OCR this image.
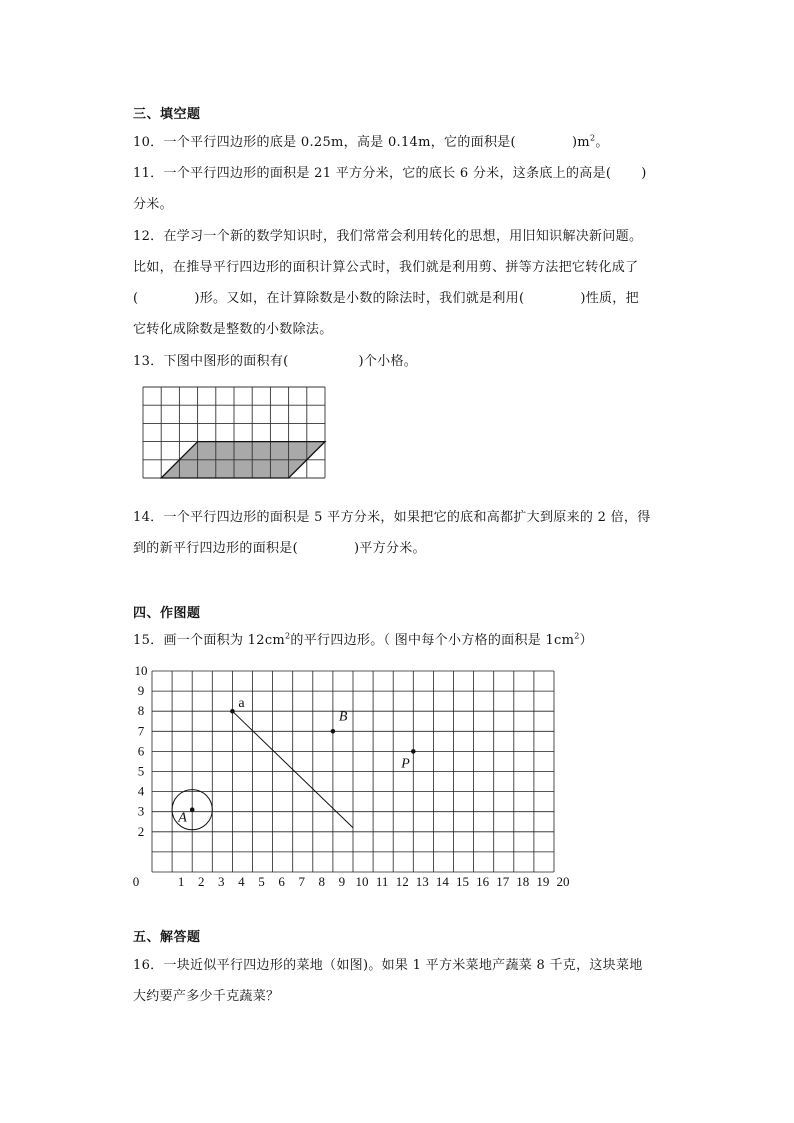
三、填空题
10．一个平行四边形的底是 0.25m，高是 0.14m，它的面积是(	)$m^2$。
11．一个平行四边形的面积是 21 平方分米，它的底长 6 分米，这条底上的高是( )
分米。
12．在学习一个新的数学知识时，我们常常会利用转化的思想，用旧知识解决新问题。
比如，在推导平行四边形的面积计算公式时，我们就是利用剪、拼等方法把它转化成了
(	)形。又如，在计算除数是小数的除法时，我们就是利用(	)性质，把
它转化成除数是整数的小数除法。
13．下图中图形的面积有(	)个小格。
14．一个平行四边形的面积是 5 平方分米，如果把它的底和高都扩大到原来的 2 倍，得
到的新平行四边形的面积是(	)平方分米。
四、作图题
15．画一个面积为 $12cm^2$的平行四边形。（ 图中每个小方格的面积是 $1cm^2$）
0	1 2 3 4 5 6 7 8 9 10 11 12 13 14 15 16 17 18 19 20
10
9
8
7
6
5
4
3
2
a
B
P
A
五、解答题
16．一块近似平行四边形的菜地（如图)。如果 1 平方米菜地产蔬菜 8 千克，这块菜地
大约要产多少千克蔬菜？
